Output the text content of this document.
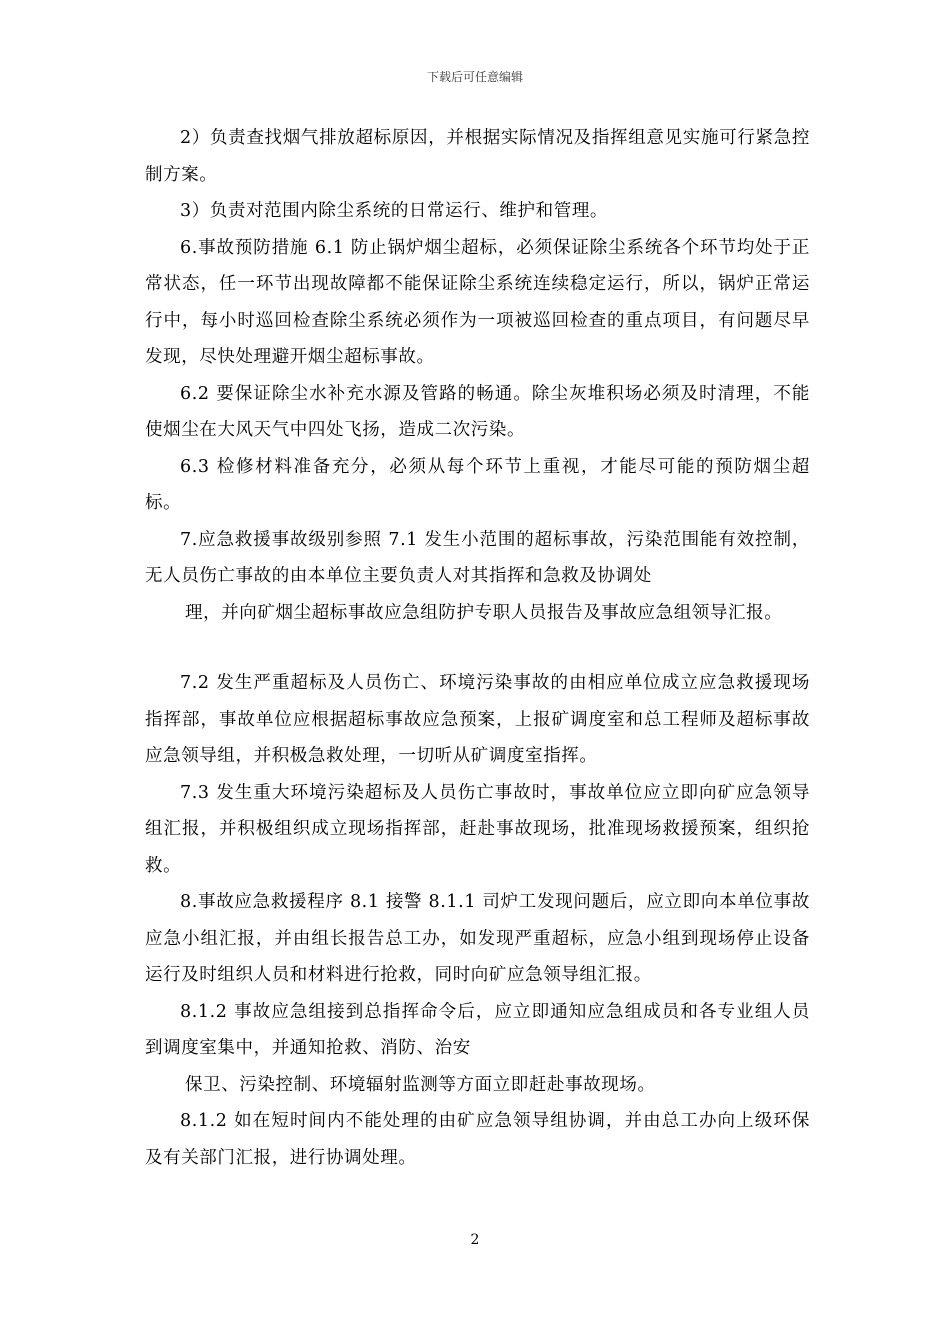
下载后可任意编辑

2）负责查找烟气排放超标原因，并根据实际情况及指挥组意见实施可行紧急控制方案。

3）负责对范围内除尘系统的日常运行、维护和管理。

6.事故预防措施 6.1 防止锅炉烟尘超标，必须保证除尘系统各个环节均处于正常状态，任一环节出现故障都不能保证除尘系统连续稳定运行，所以，锅炉正常运行中，每小时巡回检查除尘系统必须作为一项被巡回检查的重点项目，有问题尽早发现，尽快处理避开烟尘超标事故。

6.2 要保证除尘水补充水源及管路的畅通。除尘灰堆积场必须及时清理，不能使烟尘在大风天气中四处飞扬，造成二次污染。

6.3 检修材料准备充分，必须从每个环节上重视，才能尽可能的预防烟尘超标。

7.应急救援事故级别参照 7.1 发生小范围的超标事故，污染范围能有效控制，无人员伤亡事故的由本单位主要负责人对其指挥和急救及协调处

理，并向矿烟尘超标事故应急组防护专职人员报告及事故应急组领导汇报。

7.2 发生严重超标及人员伤亡、环境污染事故的由相应单位成立应急救援现场指挥部，事故单位应根据超标事故应急预案，上报矿调度室和总工程师及超标事故应急领导组，并积极急救处理，一切听从矿调度室指挥。

7.3 发生重大环境污染超标及人员伤亡事故时，事故单位应立即向矿应急领导组汇报，并积极组织成立现场指挥部，赶赴事故现场，批准现场救援预案，组织抢救。

8.事故应急救援程序 8.1 接警 8.1.1 司炉工发现问题后，应立即向本单位事故应急小组汇报，并由组长报告总工办，如发现严重超标，应急小组到现场停止设备运行及时组织人员和材料进行抢救，同时向矿应急领导组汇报。

8.1.2 事故应急组接到总指挥命令后，应立即通知应急组成员和各专业组人员到调度室集中，并通知抢救、消防、治安

保卫、污染控制、环境辐射监测等方面立即赶赴事故现场。

8.1.2 如在短时间内不能处理的由矿应急领导组协调，并由总工办向上级环保及有关部门汇报，进行协调处理。

2
